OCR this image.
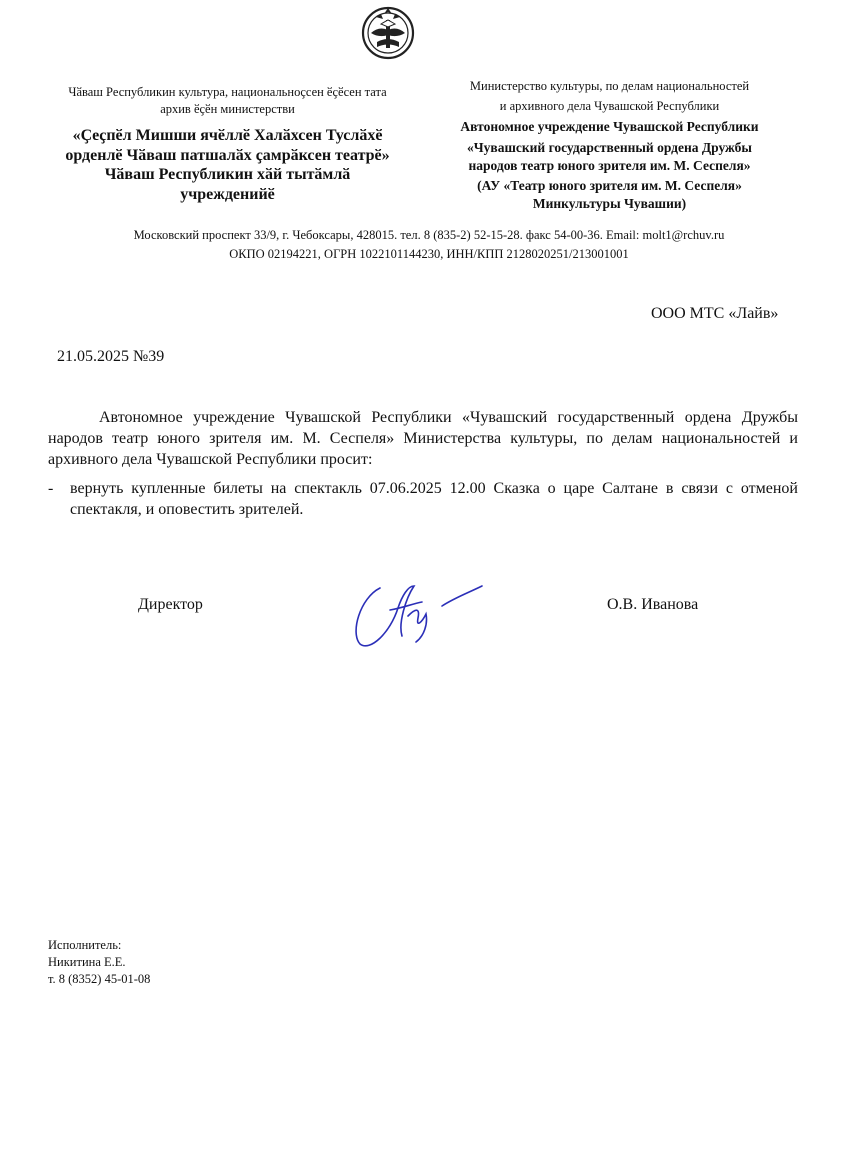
Чӑваш Республикин культура, национальноҫсен ӗҫӗсен тата архив ӗҫӗн министерстви
«Ҫеҫпӗл Мишши ячӗллӗ Халӑхсен Туслӑхӗ орденлӗ Чӑваш патшалӑх ҫамрӑксен театрӗ» Чӑваш Республикин хӑй тытӑмлӑ учрежденийӗ
Министерство культуры, по делам национальностей
и архивного дела Чувашской Республики
Автономное учреждение Чувашской Республики
«Чувашский государственный ордена Дружбы
народов театр юного зрителя им. М. Сеспеля»
(АУ «Театр юного зрителя им. М. Сеспеля»
Минкультуры Чувашии)
Московский проспект 33/9, г. Чебоксары, 428015. тел. 8 (835-2) 52-15-28. факс 54-00-36. Email: molt1@rchuv.ru
ОКПО 02194221, ОГРН 1022101144230, ИНН/КПП 2128020251/213001001
ООО МТС «Лайв»
21.05.2025 №39

Автономное учреждение Чувашской Республики «Чувашский государственный ордена Дружбы народов театр юного зрителя им. М. Сеспеля» Министерства культуры, по делам национальностей и архивного дела Чувашской Республики просит:

-	вернуть купленные билеты на спектакль 07.06.2025 12.00 Сказка о царе Салтане в связи с отменой спектакля, и оповестить зрителей.
Директор	О.В. Иванова
Исполнитель:
Никитина Е.Е.
т. 8 (8352) 45-01-08
